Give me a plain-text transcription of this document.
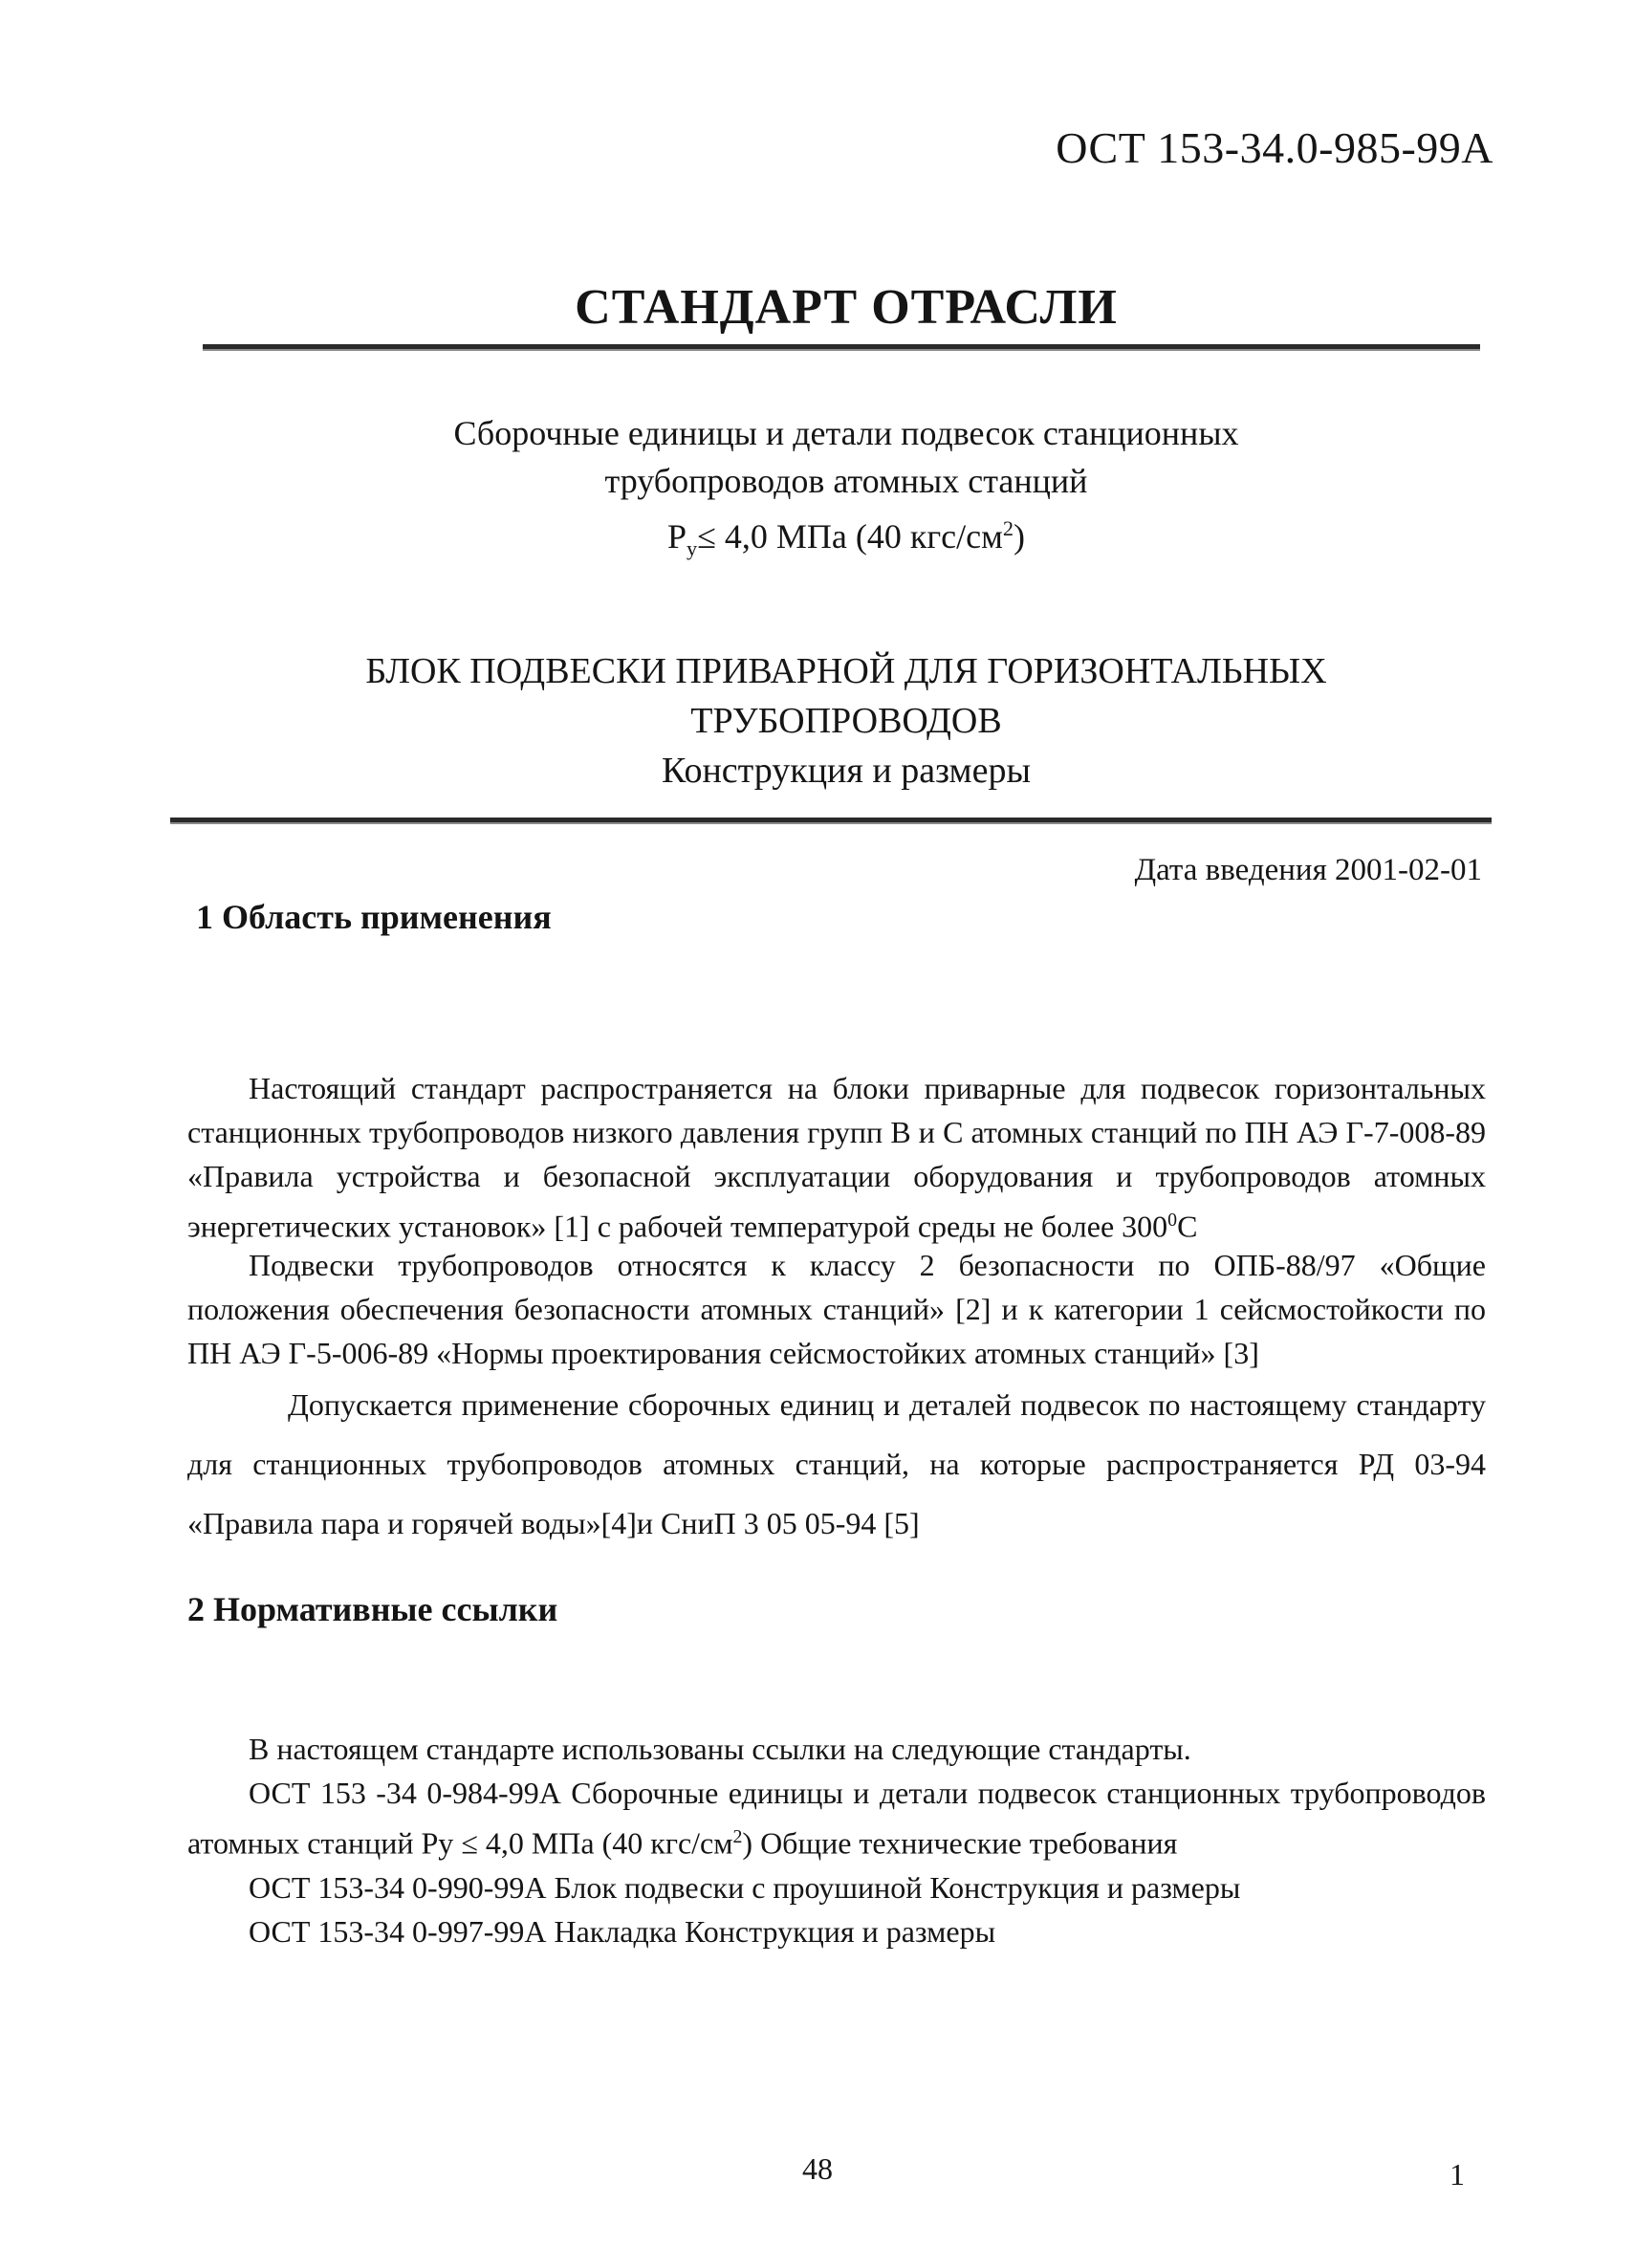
ОСТ 153-34.0-985-99А
СТАНДАРТ ОТРАСЛИ
Сборочные единицы и детали подвесок станционных
трубопроводов атомных станций
$Р_у\le 4,0$ МПа (40 кгс/$см^2$)
БЛОК ПОДВЕСКИ ПРИВАРНОЙ ДЛЯ ГОРИЗОНТАЛЬНЫХ
ТРУБОПРОВОДОВ
Конструкция и размеры
Дата введения 2001-02-01
1 Область применения

Настоящий стандарт распространяется на блоки приварные для подвесок горизонтальных станционных трубопроводов низкого давления групп В и С атомных станций по ПН АЭ Г-7-008-89 «Правила устройства и безопасной эксплуатации оборудования и трубопроводов атомных энергетических установок» [1] с рабочей температурой среды не более $300^0С$

Подвески трубопроводов относятся к классу 2 безопасности по ОПБ-88/97 «Общие положения обеспечения безопасности атомных станций» [2] и к категории 1 сейсмостойкости по ПН АЭ Г-5-006-89 «Нормы проектирования сейсмостойких атомных станций» [3]

Допускается применение сборочных единиц и деталей подвесок по настоящему стандарту для станционных трубопроводов атомных станций, на которые распространяется РД 03-94 «Правила пара и горячей воды»[4]и СниП 3 05 05-94 [5]

2 Нормативные ссылки

В настоящем стандарте использованы ссылки на следующие стандарты.

ОСТ 153 -34 0-984-99А Сборочные единицы и детали подвесок станционных трубопроводов атомных станций Ру ≤ 4,0 МПа (40 кгс/$см^2$) Общие технические требования

ОСТ 153-34 0-990-99А Блок подвески с проушиной Конструкция и размеры

ОСТ 153-34 0-997-99А Накладка Конструкция и размеры

48	1
